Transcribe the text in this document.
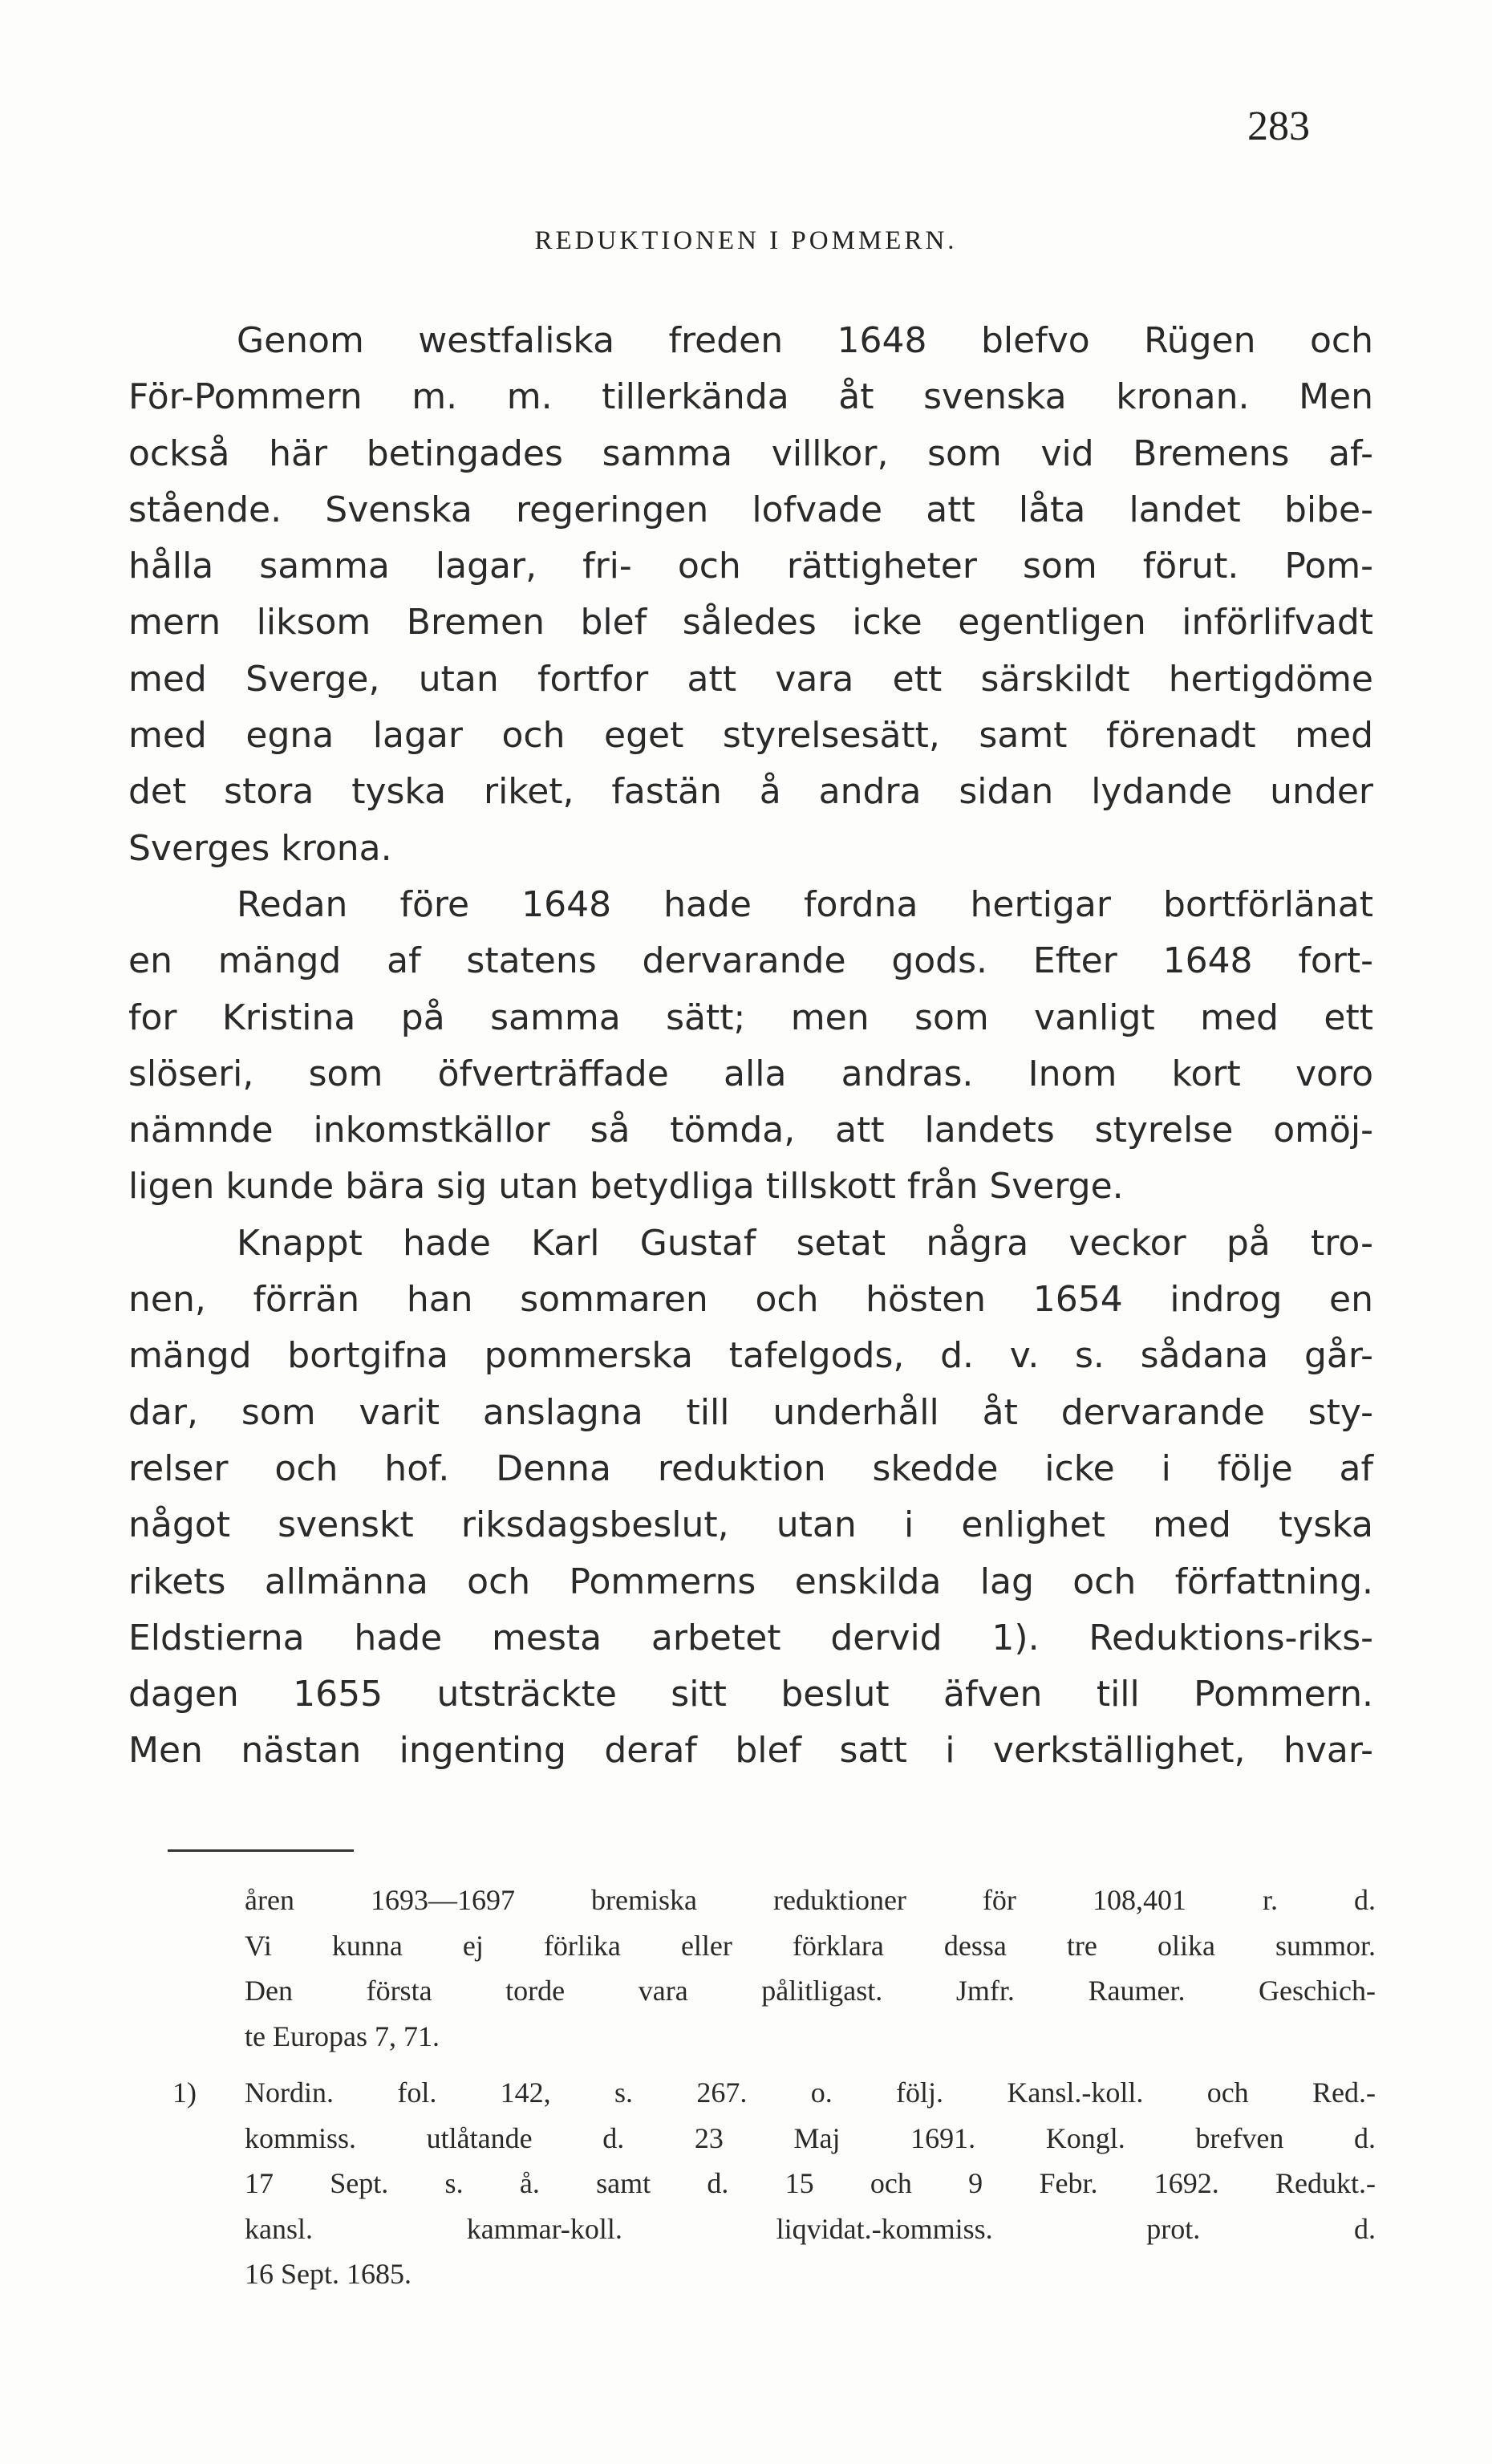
283
REDUKTIONEN I POMMERN.
Genom westfaliska freden 1648 blefvo Rügen och
För-Pommern m. m. tillerkända åt svenska kronan. Men
också här betingades samma villkor, som vid Bremens af-
stående. Svenska regeringen lofvade att låta landet bibe-
hålla samma lagar, fri- och rättigheter som förut. Pom-
mern liksom Bremen blef således icke egentligen införlifvadt
med Sverge, utan fortfor att vara ett särskildt hertigdöme
med egna lagar och eget styrelsesätt, samt förenadt med
det stora tyska riket, fastän å andra sidan lydande under
Sverges krona.
Redan före 1648 hade fordna hertigar bortförlänat
en mängd af statens dervarande gods. Efter 1648 fort-
for Kristina på samma sätt; men som vanligt med ett
slöseri, som öfverträffade alla andras. Inom kort voro
nämnde inkomstkällor så tömda, att landets styrelse omöj-
ligen kunde bära sig utan betydliga tillskott från Sverge.
Knappt hade Karl Gustaf setat några veckor på tro-
nen, förrän han sommaren och hösten 1654 indrog en
mängd bortgifna pommerska tafelgods, d. v. s. sådana går-
dar, som varit anslagna till underhåll åt dervarande sty-
relser och hof. Denna reduktion skedde icke i följe af
något svenskt riksdagsbeslut, utan i enlighet med tyska
rikets allmänna och Pommerns enskilda lag och författning.
Eldstierna hade mesta arbetet dervid 1). Reduktions-riks-
dagen 1655 utsträckte sitt beslut äfven till Pommern.
Men nästan ingenting deraf blef satt i verkställighet, hvar-
åren 1693—1697 bremiska reduktioner för 108,401 r. d.
Vi kunna ej förlika eller förklara dessa tre olika summor.
Den första torde vara pålitligast. Jmfr. Raumer. Geschich-
te Europas 7, 71.
1) Nordin. fol. 142, s. 267. o. följ. Kansl.-koll. och Red.-
kommiss. utlåtande d. 23 Maj 1691. Kongl. brefven d.
17 Sept. s. å. samt d. 15 och 9 Febr. 1692. Redukt.-
kansl. kammar-koll. liqvidat.-kommiss. prot. d.
16 Sept. 1685.
